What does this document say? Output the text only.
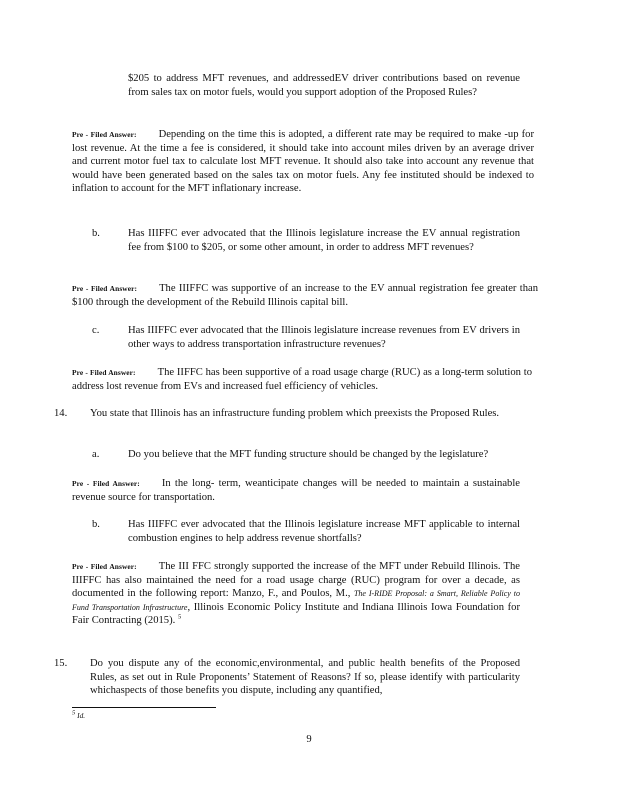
$205 to address MFT revenues, and addressedEV driver contributions based on revenue from sales tax on motor fuels, would you support adoption of the Proposed Rules?
Pre - Filed Answer: Depending on the time this is adopted, a different rate may be required to make -up for lost revenue. At the time a fee is considered, it should take into account miles driven by an average driver and current motor fuel tax to calculate lost MFT revenue. It should also take into account any revenue that would have been generated based on the sales tax on motor fuels. Any fee instituted should be indexed to inflation to account for the MFT inflationary increase.
b.	Has IIIFFC ever advocated that the Illinois legislature increase the EV annual registration fee from $100 to $205, or some other amount, in order to address MFT revenues?
Pre - Filed Answer: The IIIFFC was supportive of an increase to the EV annual registration fee greater than $100 through the development of the Rebuild Illinois capital bill.
c.	Has IIIFFC ever advocated that the Illinois legislature increase revenues from EV drivers in other ways to address transportation infrastructure revenues?
Pre - Filed Answer: The IIFFC has been supportive of a road usage charge (RUC) as a long-term solution to address lost revenue from EVs and increased fuel efficiency of vehicles.
14. You state that Illinois has an infrastructure funding problem which preexists the Proposed Rules.
a.	Do you believe that the MFT funding structure should be changed by the legislature?
Pre - Filed Answer: In the long- term, weanticipate changes will be needed to maintain a sustainable revenue source for transportation.
b.	Has IIIFFC ever advocated that the Illinois legislature increase MFT applicable to internal combustion engines to help address revenue shortfalls?
Pre - Filed Answer: The III FFC strongly supported the increase of the MFT under Rebuild Illinois. The IIIFFC has also maintained the need for a road usage charge (RUC) program for over a decade, as documented in the following report: Manzo, F., and Poulos, M., The I-RIDE Proposal: a Smart, Reliable Policy to Fund Transportation Infrastructure, Illinois Economic Policy Institute and Indiana Illinois Iowa Foundation for Fair Contracting (2015). $^5$
15. Do you dispute any of the economic,environmental, and public health benefits of the Proposed Rules, as set out in Rule Proponents’ Statement of Reasons? If so, please identify with particularity whichaspects of those benefits you dispute, including any quantified,
$^5$ Id.
9
